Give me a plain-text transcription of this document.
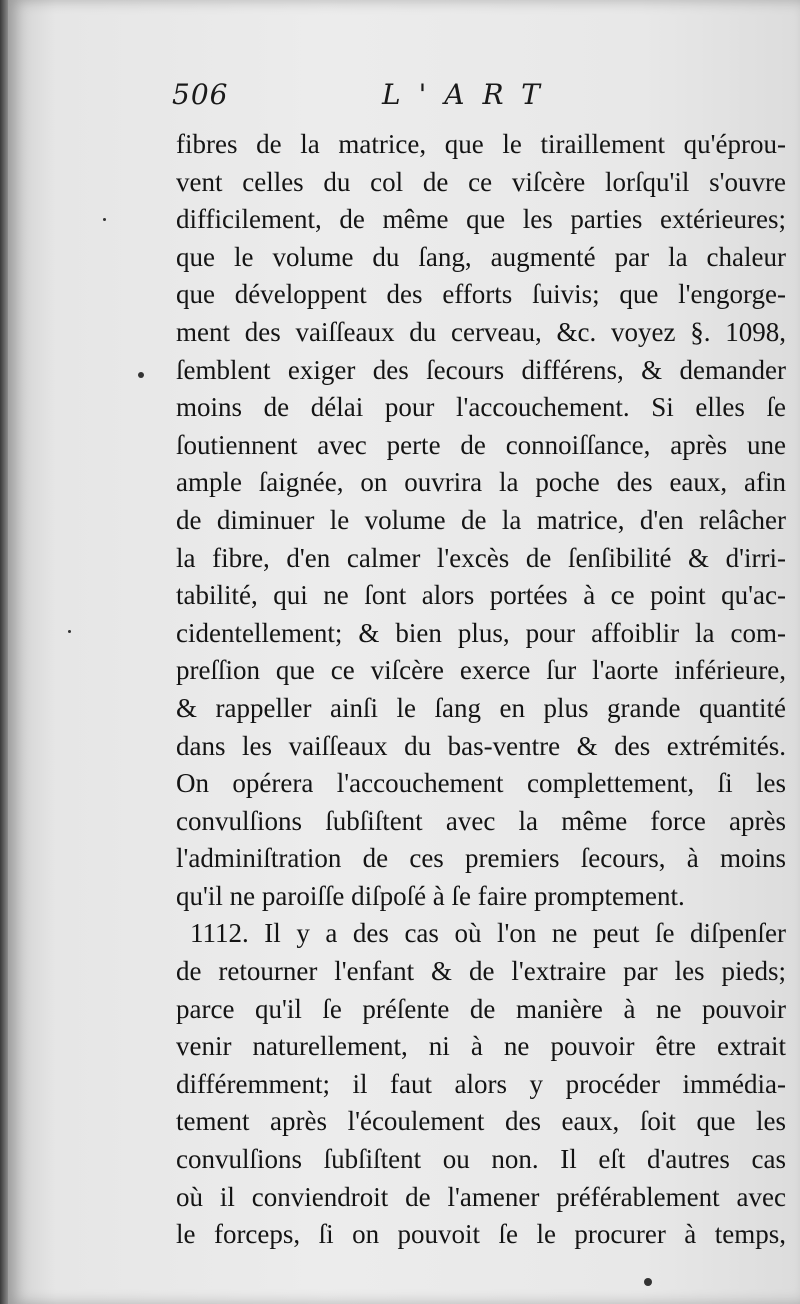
506	L'ART
fibres de la matrice, que le tiraillement qu'éprou-
vent celles du col de ce viſcère lorſqu'il s'ouvre
difficilement, de même que les parties extérieures;
que le volume du ſang, augmenté par la chaleur
que développent des efforts ſuivis; que l'engorge-
ment des vaiſſeaux du cerveau, &c. voyez §. 1098,
ſemblent exiger des ſecours différens, & demander
moins de délai pour l'accouchement. Si elles ſe
ſoutiennent avec perte de connoiſſance, après une
ample ſaignée, on ouvrira la poche des eaux, afin
de diminuer le volume de la matrice, d'en relâcher
la fibre, d'en calmer l'excès de ſenſibilité & d'irri-
tabilité, qui ne ſont alors portées à ce point qu'ac-
cidentellement; & bien plus, pour affoiblir la com-
preſſion que ce viſcère exerce ſur l'aorte inférieure,
& rappeller ainſi le ſang en plus grande quantité
dans les vaiſſeaux du bas-ventre & des extrémités.
On opérera l'accouchement complettement, ſi les
convulſions ſubſiſtent avec la même force après
l'adminiſtration de ces premiers ſecours, à moins
qu'il ne paroiſſe diſpoſé à ſe faire promptement.
1112. Il y a des cas où l'on ne peut ſe diſpenſer
de retourner l'enfant & de l'extraire par les pieds;
parce qu'il ſe préſente de manière à ne pouvoir
venir naturellement, ni à ne pouvoir être extrait
différemment; il faut alors y procéder immédia-
tement après l'écoulement des eaux, ſoit que les
convulſions ſubſiſtent ou non. Il eſt d'autres cas
où il conviendroit de l'amener préférablement avec
le forceps, ſi on pouvoit ſe le procurer à temps,
